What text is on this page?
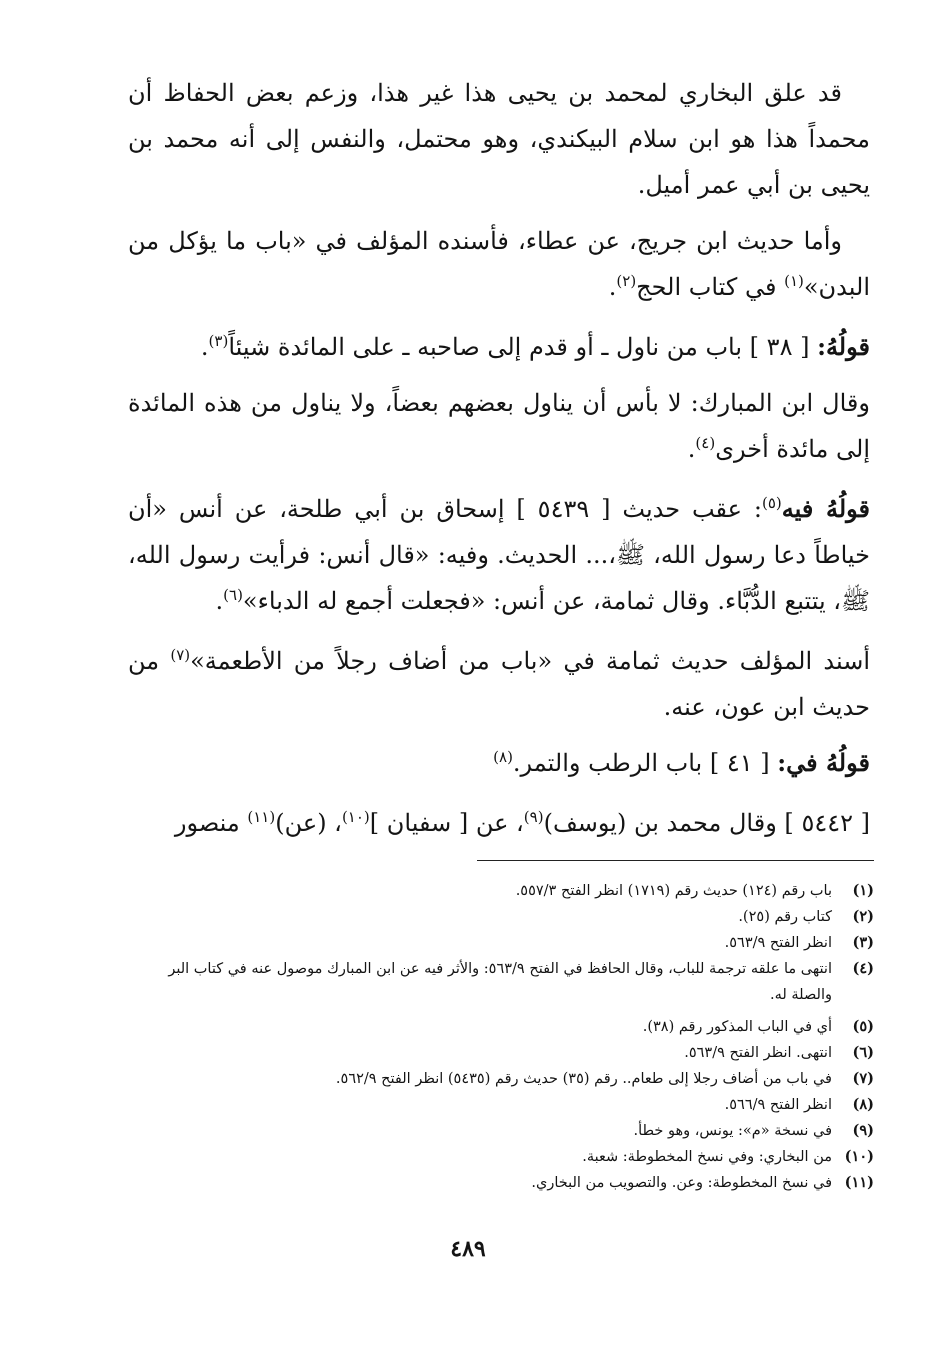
قد علق البخاري لمحمد بن يحيى هذا غير هذا، وزعم بعض الحفاظ أن محمداً هذا هو ابن سلام البيكندي، وهو محتمل، والنفس إلى أنه محمد بن يحيى بن أبي عمر أميل.

وأما حديث ابن جريج، عن عطاء، فأسنده المؤلف في «باب ما يؤكل من البدن»$^{(١)}$ في كتاب الحج$^{(٢)}$.

قولُهُ: [ ٣٨ ] باب من ناول ـ أو قدم إلى صاحبه ـ على المائدة شيئاً$^{(٣)}$.

وقال ابن المبارك: لا بأس أن يناول بعضهم بعضاً، ولا يناول من هذه المائدة إلى مائدة أخرى$^{(٤)}$.

قولُهُ فيه$^{(٥)}$: عقب حديث [ ٥٤٣٩ ] إسحاق بن أبي طلحة، عن أنس «أن خياطاً دعا رسول الله، ﷺ،... الحديث. وفيه: «قال أنس: فرأيت رسول الله، ﷺ، يتتبع الدُّبَّاء. وقال ثمامة، عن أنس: «فجعلت أجمع له الدباء»$^{(٦)}$.

أسند المؤلف حديث ثمامة في «باب من أضاف رجلاً من الأطعمة»$^{(٧)}$ من حديث ابن عون، عنه.

قولُهُ في: [ ٤١ ] باب الرطب والتمر.$^{(٨)}$

[ ٥٤٤٢ ] وقال محمد بن (يوسف)$^{(٩)}$، عن [ سفيان ]$^{(١٠)}$، (عن)$^{(١١)}$ منصور

(١)
باب رقم (١٢٤) حديث رقم (١٧١٩) انظر الفتح ٥٥٧/٣.
(٢)
كتاب رقم (٢٥).
(٣)
انظر الفتح ٥٦٣/٩.
(٤)
انتهى ما علقه ترجمة للباب، وقال الحافظ في الفتح ٥٦٣/٩: والأثر فيه عن ابن المبارك موصول عنه في كتاب البر والصلة له.
(٥)
أي في الباب المذكور رقم (٣٨).
(٦)
انتهى. انظر الفتح ٥٦٣/٩.
(٧)
في باب من أضاف رجلا إلى طعام.. رقم (٣٥) حديث رقم (٥٤٣٥) انظر الفتح ٥٦٢/٩.
(٨)
انظر الفتح ٥٦٦/٩.
(٩)
في نسخة «م»: يونس، وهو خطأ.
(١٠)
من البخاري: وفي نسخ المخطوطة: شعبة.
(١١)
في نسخ المخطوطة: وعن. والتصويب من البخاري.
٤٨٩
